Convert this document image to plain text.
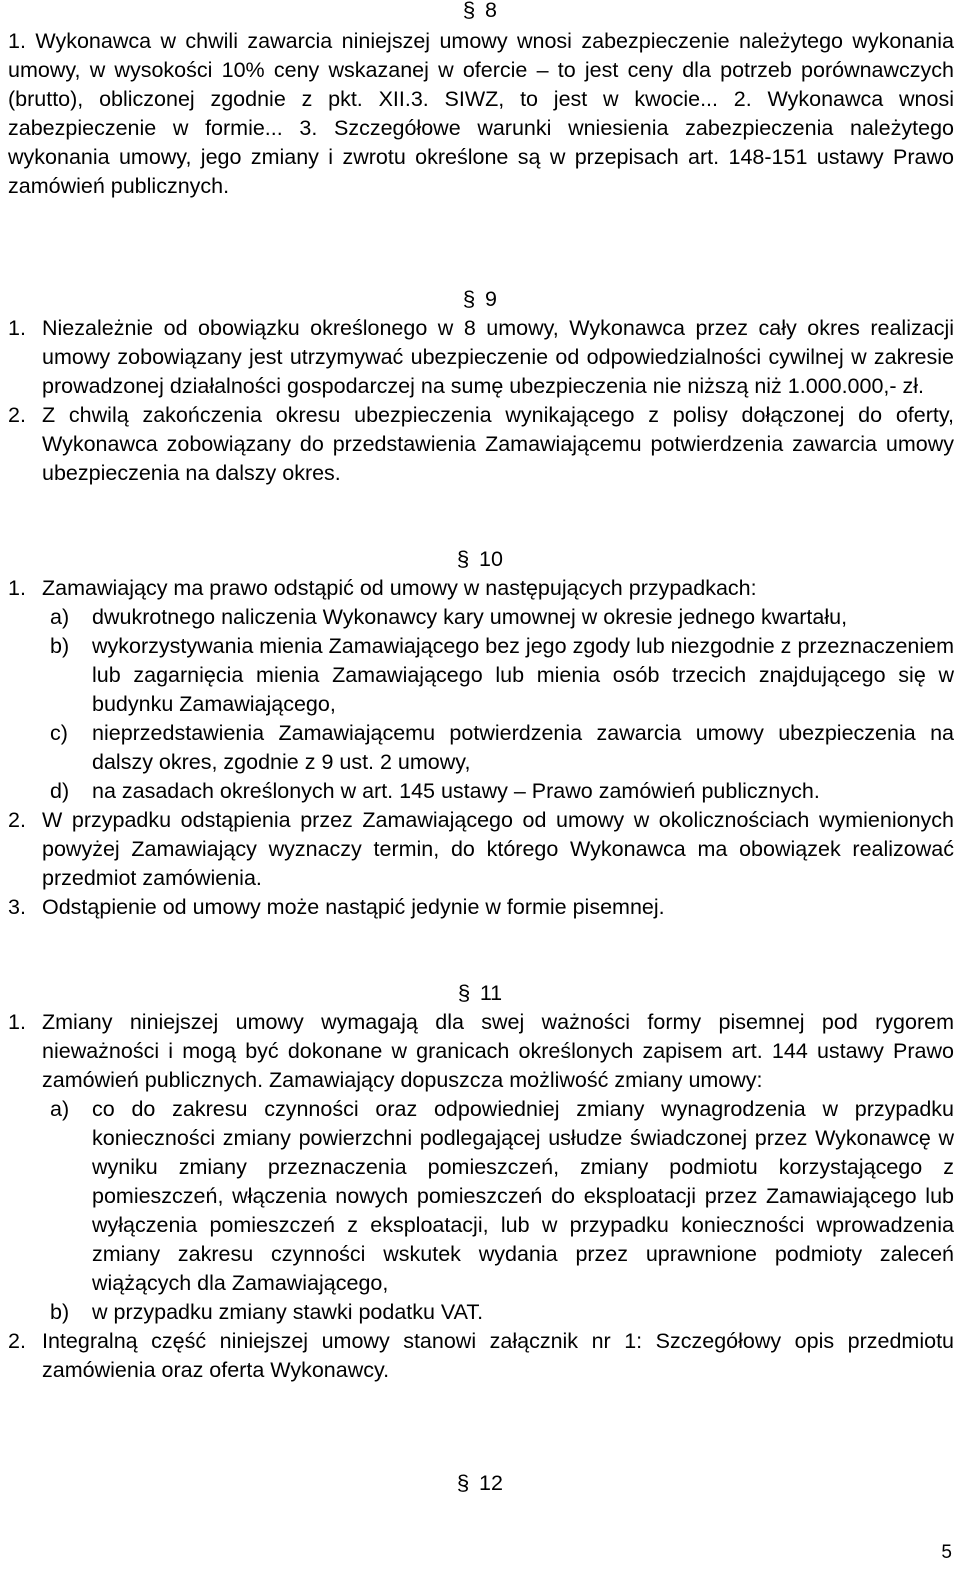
§ 8
1. Wykonawca w chwili zawarcia niniejszej umowy wnosi zabezpieczenie należytego wykonania umowy, w wysokości 10% ceny wskazanej w ofercie – to jest ceny dla potrzeb porównawczych (brutto), obliczonej zgodnie z pkt. XII.3. SIWZ, to jest w kwocie... 2. Wykonawca wnosi zabezpieczenie w formie... 3. Szczegółowe warunki wniesienia zabezpieczenia należytego wykonania umowy, jego zmiany i zwrotu określone są w przepisach art. 148-151 ustawy Prawo zamówień publicznych.
§ 9
1. Niezależnie od obowiązku określonego w 8 umowy, Wykonawca przez cały okres realizacji umowy zobowiązany jest utrzymywać ubezpieczenie od odpowiedzialności cywilnej w zakresie prowadzonej działalności gospodarczej na sumę ubezpieczenia nie niższą niż 1.000.000,- zł.
2. Z chwilą zakończenia okresu ubezpieczenia wynikającego z polisy dołączonej do oferty, Wykonawca zobowiązany do przedstawienia Zamawiającemu potwierdzenia zawarcia umowy ubezpieczenia na dalszy okres.
§ 10
1. Zamawiający ma prawo odstąpić od umowy w następujących przypadkach:
a) dwukrotnego naliczenia Wykonawcy kary umownej w okresie jednego kwartału,
b) wykorzystywania mienia Zamawiającego bez jego zgody lub niezgodnie z przeznaczeniem lub zagarnięcia mienia Zamawiającego lub mienia osób trzecich znajdującego się w budynku Zamawiającego,
c) nieprzedstawienia Zamawiającemu potwierdzenia zawarcia umowy ubezpieczenia na dalszy okres, zgodnie z 9 ust. 2 umowy,
d) na zasadach określonych w art. 145 ustawy – Prawo zamówień publicznych.
2. W przypadku odstąpienia przez Zamawiającego od umowy w okolicznościach wymienionych powyżej Zamawiający wyznaczy termin, do którego Wykonawca ma obowiązek realizować przedmiot zamówienia.
3. Odstąpienie od umowy może nastąpić jedynie w formie pisemnej.
§ 11
1. Zmiany niniejszej umowy wymagają dla swej ważności formy pisemnej pod rygorem nieważności i mogą być dokonane w granicach określonych zapisem art. 144 ustawy Prawo zamówień publicznych. Zamawiający dopuszcza możliwość zmiany umowy:
a) co do zakresu czynności oraz odpowiedniej zmiany wynagrodzenia w przypadku konieczności zmiany powierzchni podlegającej usłudze świadczonej przez Wykonawcę w wyniku zmiany przeznaczenia pomieszczeń, zmiany podmiotu korzystającego z pomieszczeń, włączenia nowych pomieszczeń do eksploatacji przez Zamawiającego lub wyłączenia pomieszczeń z eksploatacji, lub w przypadku konieczności wprowadzenia zmiany zakresu czynności wskutek wydania przez uprawnione podmioty zaleceń wiążących dla Zamawiającego,
b) w przypadku zmiany stawki podatku VAT.
2. Integralną część niniejszej umowy stanowi załącznik nr 1: Szczegółowy opis przedmiotu zamówienia oraz oferta Wykonawcy.
§ 12
5
